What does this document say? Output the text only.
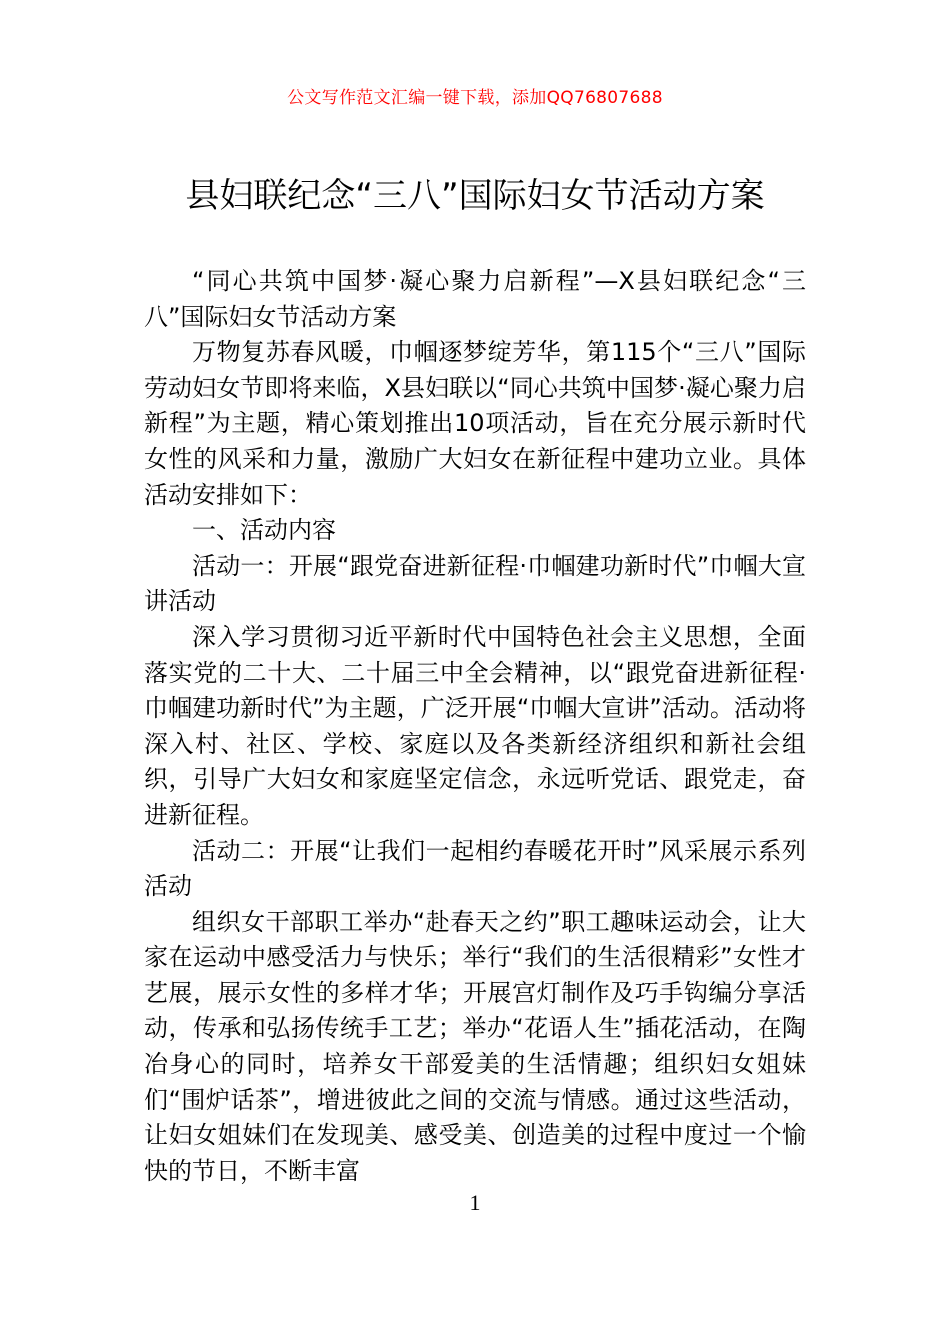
公文写作范文汇编一键下载，添加QQ76807688
县妇联纪念“三八”国际妇女节活动方案

“同心共筑中国梦·凝心聚力启新程”—X县妇联纪念“三八”国际妇女节活动方案

万物复苏春风暖，巾帼逐梦绽芳华，第115个“三八”国际劳动妇女节即将来临，X县妇联以“同心共筑中国梦·凝心聚力启新程”为主题，精心策划推出10项活动，旨在充分展示新时代女性的风采和力量，激励广大妇女在新征程中建功立业。具体活动安排如下：

一、活动内容

活动一：开展“跟党奋进新征程·巾帼建功新时代”巾帼大宣讲活动

深入学习贯彻习近平新时代中国特色社会主义思想，全面落实党的二十大、二十届三中全会精神，以“跟党奋进新征程·巾帼建功新时代”为主题，广泛开展“巾帼大宣讲”活动。活动将深入村、社区、学校、家庭以及各类新经济组织和新社会组织，引导广大妇女和家庭坚定信念，永远听党话、跟党走，奋进新征程。

活动二：开展“让我们一起相约春暖花开时”风采展示系列活动

组织女干部职工举办“赴春天之约”职工趣味运动会，让大家在运动中感受活力与快乐；举行“我们的生活很精彩”女性才艺展，展示女性的多样才华；开展宫灯制作及巧手钩编分享活动，传承和弘扬传统手工艺；举办“花语人生”插花活动，在陶冶身心的同时，培养女干部爱美的生活情趣；组织妇女姐妹们“围炉话茶”，增进彼此之间的交流与情感。通过这些活动，让妇女姐妹们在发现美、感受美、创造美的过程中度过一个愉快的节日，不断丰富

1
